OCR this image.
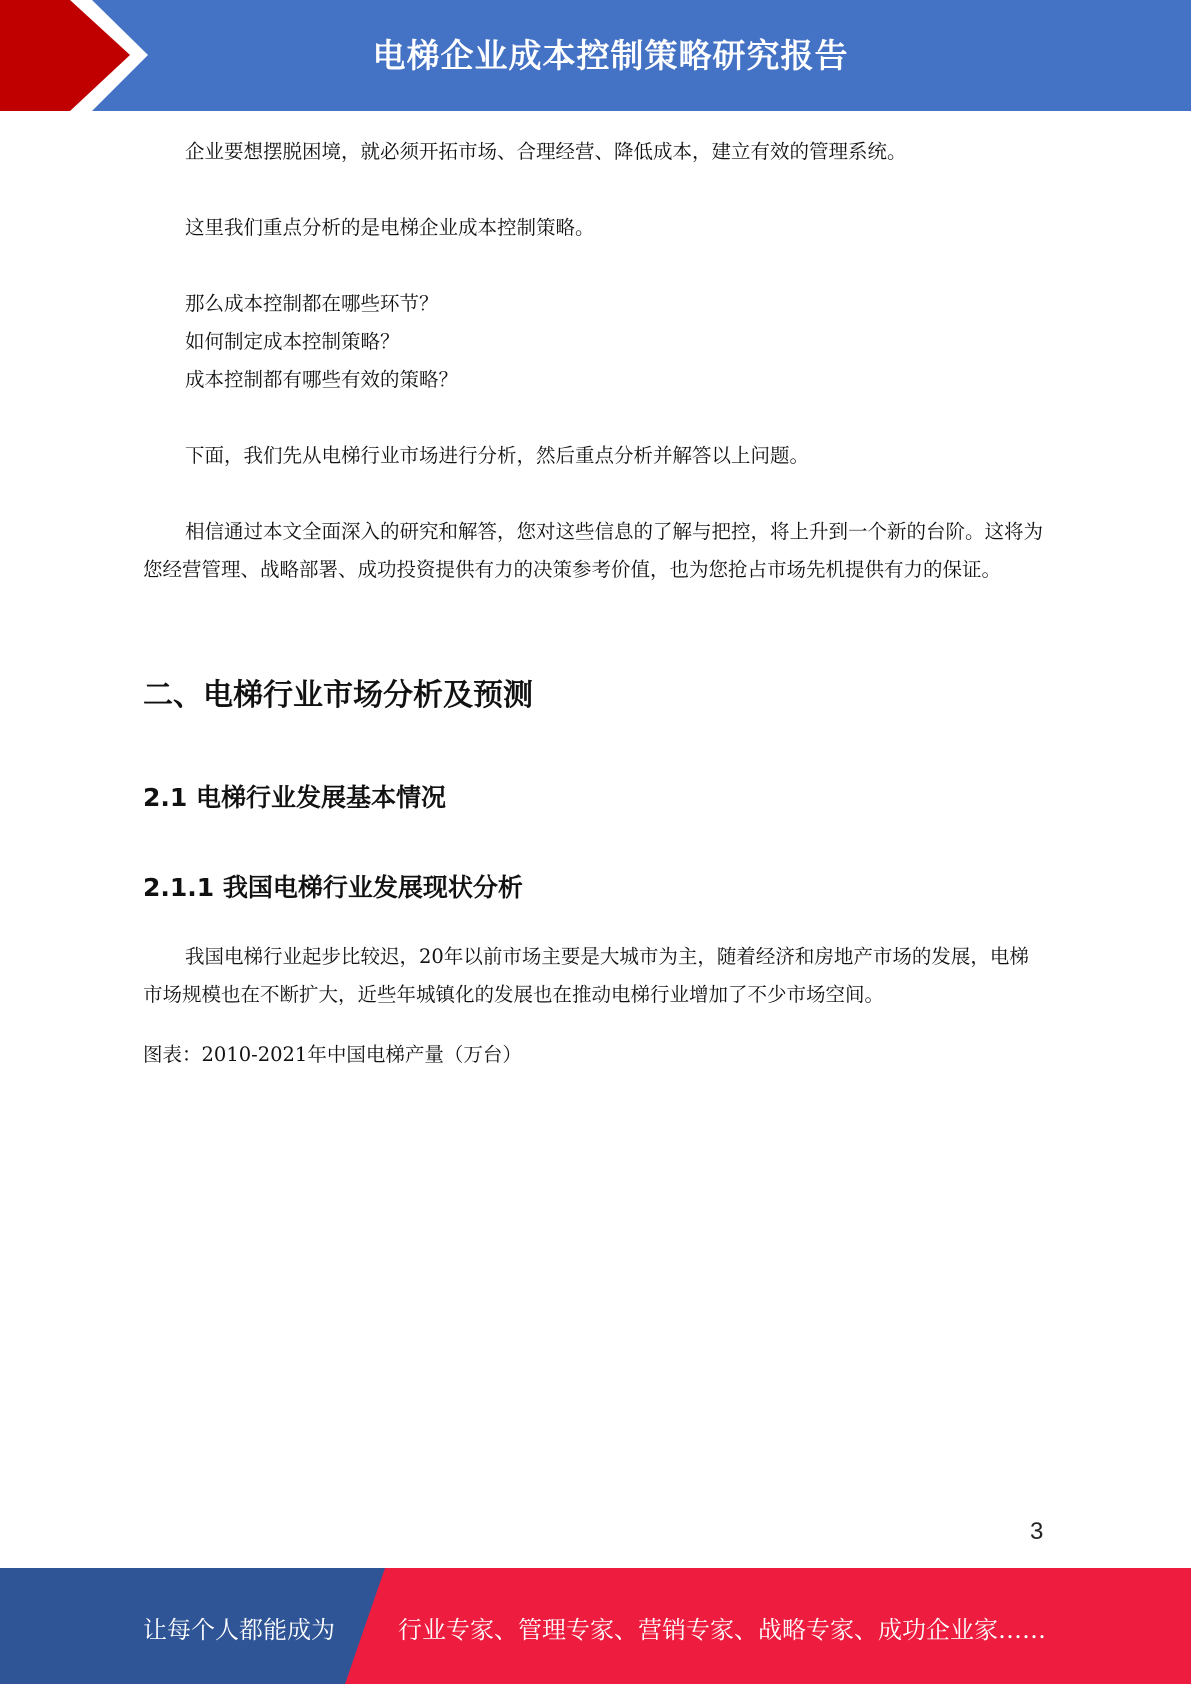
电梯企业成本控制策略研究报告

企业要想摆脱困境，就必须开拓市场、合理经营、降低成本，建立有效的管理系统。

这里我们重点分析的是电梯企业成本控制策略。

那么成本控制都在哪些环节？

如何制定成本控制策略？

成本控制都有哪些有效的策略？

下面，我们先从电梯行业市场进行分析，然后重点分析并解答以上问题。

相信通过本文全面深入的研究和解答，您对这些信息的了解与把控，将上升到一个新的台阶。这将为您经营管理、战略部署、成功投资提供有力的决策参考价值，也为您抢占市场先机提供有力的保证。

二、电梯行业市场分析及预测
2.1 电梯行业发展基本情况
2.1.1 我国电梯行业发展现状分析

我国电梯行业起步比较迟，20年以前市场主要是大城市为主，随着经济和房地产市场的发展，电梯市场规模也在不断扩大，近些年城镇化的发展也在推动电梯行业增加了不少市场空间。

图表：2010-2021年中国电梯产量（万台）

3
让每个人都能成为	行业专家、管理专家、营销专家、战略专家、成功企业家……
